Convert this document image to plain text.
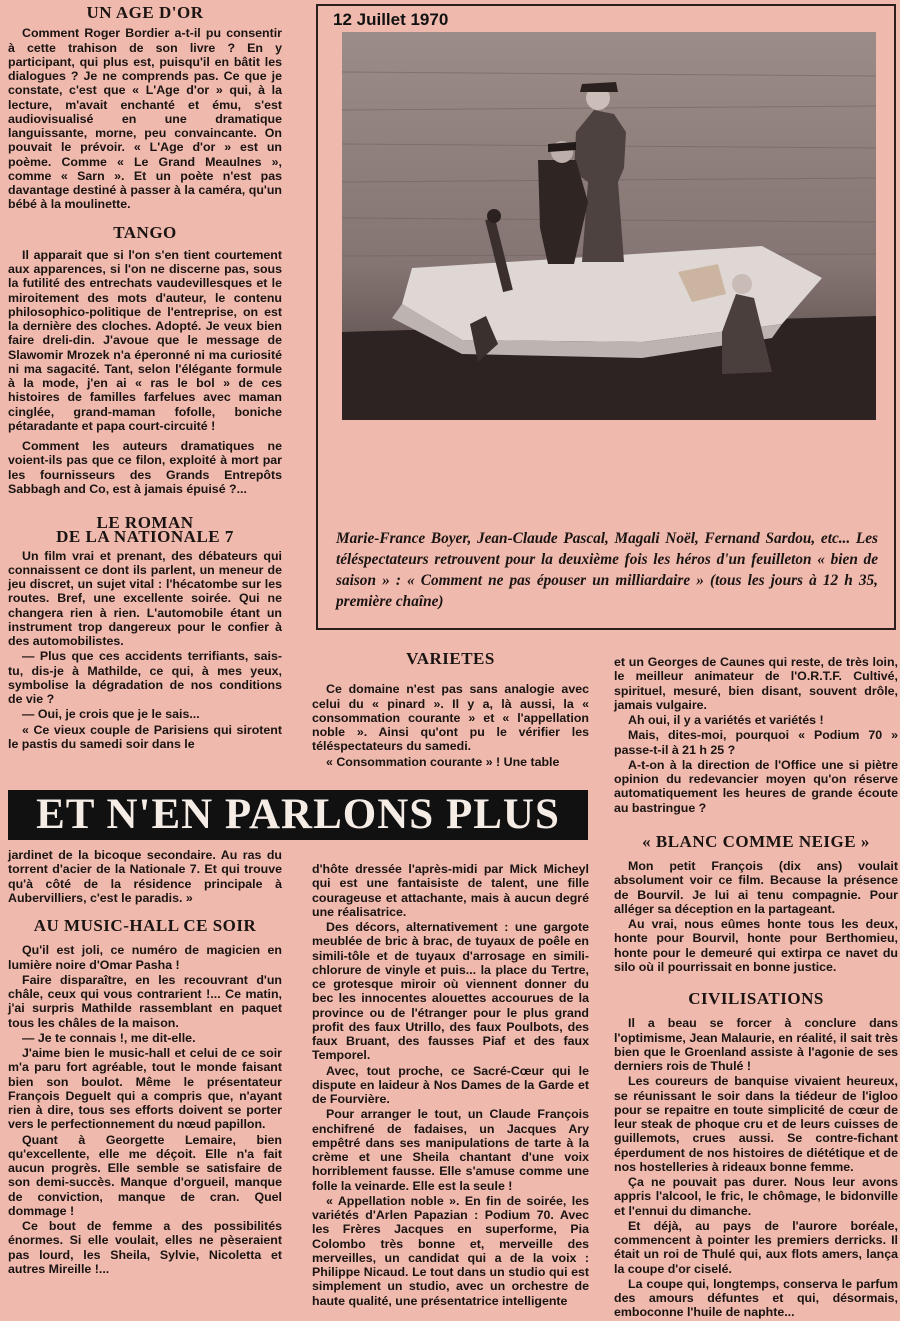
UN AGE D'OR

Comment Roger Bordier a-t-il pu consentir à cette trahison de son livre ? En y participant, qui plus est, puisqu'il en bâtit les dialogues ? Je ne comprends pas. Ce que je constate, c'est que « L'Age d'or » qui, à la lecture, m'avait enchanté et ému, s'est audiovisualisé en une dramatique languissante, morne, peu convaincante. On pouvait le prévoir. « L'Age d'or » est un poème. Comme « Le Grand Meaulnes », comme « Sarn ». Et un poète n'est pas davantage destiné à passer à la caméra, qu'un bébé à la moulinette.

TANGO

Il apparait que si l'on s'en tient courtement aux apparences, si l'on ne discerne pas, sous la futilité des entrechats vaudevillesques et le miroitement des mots d'auteur, le contenu philosophico-politique de l'entreprise, on est la dernière des cloches. Adopté. Je veux bien faire dreli-din. J'avoue que le message de Slawomir Mrozek n'a éperonné ni ma curiosité ni ma sagacité. Tant, selon l'élégante formule à la mode, j'en ai « ras le bol » de ces histoires de familles farfelues avec maman cinglée, grand-maman fofolle, boniche pétaradante et papa court-circuité !

Comment les auteurs dramatiques ne voient-ils pas que ce filon, exploité à mort par les fournisseurs des Grands Entrepôts Sabbagh and Co, est à jamais épuisé ?...

LE ROMAN
DE LA NATIONALE 7

Un film vrai et prenant, des débateurs qui connaissent ce dont ils parlent, un meneur de jeu discret, un sujet vital : l'hécatombe sur les routes. Bref, une excellente soirée. Qui ne changera rien à rien. L'automobile étant un instrument trop dangereux pour le confier à des automobilistes.

— Plus que ces accidents terrifiants, sais-tu, dis-je à Mathilde, ce qui, à mes yeux, symbolise la dégradation de nos conditions de vie ?

— Oui, je crois que je le sais...

« Ce vieux couple de Parisiens qui sirotent le pastis du samedi soir dans le

12 Juillet 1970
Marie-France Boyer, Jean-Claude Pascal, Magali Noël, Fernand Sardou, etc... Les téléspectateurs retrouvent pour la deuxième fois les héros d'un feuilleton « bien de saison » : « Comment ne pas épouser un milliardaire » (tous les jours à 12 h 35, première chaîne)
VARIETES

Ce domaine n'est pas sans analogie avec celui du « pinard ». Il y a, là aussi, la « consommation courante » et « l'appellation noble ». Ainsi qu'ont pu le vérifier les téléspectateurs du samedi.

« Consommation courante » ! Une table

et un Georges de Caunes qui reste, de très loin, le meilleur animateur de l'O.R.T.F. Cultivé, spirituel, mesuré, bien disant, souvent drôle, jamais vulgaire.

Ah oui, il y a variétés et variétés !

Mais, dites-moi, pourquoi « Podium 70 » passe-t-il à 21 h 25 ?

A-t-on à la direction de l'Office une si piètre opinion du redevancier moyen qu'on réserve automatiquement les heures de grande écoute au bastringue ?

« BLANC COMME NEIGE »

Mon petit François (dix ans) voulait absolument voir ce film. Because la présence de Bourvil. Je lui ai tenu compagnie. Pour alléger sa déception en la partageant.

Au vrai, nous eûmes honte tous les deux, honte pour Bourvil, honte pour Berthomieu, honte pour le demeuré qui extirpa ce navet du silo où il pourrissait en bonne justice.

CIVILISATIONS

Il a beau se forcer à conclure dans l'optimisme, Jean Malaurie, en réalité, il sait très bien que le Groenland assiste à l'agonie de ses derniers rois de Thulé !

Les coureurs de banquise vivaient heureux, se réunissant le soir dans la tiédeur de l'igloo pour se repaitre en toute simplicité de cœur de leur steak de phoque cru et de leurs cuisses de guillemots, crues aussi. Se contre-fichant éperdument de nos histoires de diététique et de nos hostelleries à rideaux bonne femme.

Ça ne pouvait pas durer. Nous leur avons appris l'alcool, le fric, le chômage, le bidonville et l'ennui du dimanche.

Et déjà, au pays de l'aurore boréale, commencent à pointer les premiers derricks. Il était un roi de Thulé qui, aux flots amers, lança la coupe d'or ciselé.

La coupe qui, longtemps, conserva le parfum des amours défuntes et qui, désormais, emboconne l'huile de naphte...

ET N'EN PARLONS PLUS

jardinet de la bicoque secondaire. Au ras du torrent d'acier de la Nationale 7. Et qui trouve qu'à côté de la résidence principale à Aubervilliers, c'est le paradis. »

AU MUSIC-HALL CE SOIR

Qu'il est joli, ce numéro de magicien en lumière noire d'Omar Pasha !

Faire disparaître, en les recouvrant d'un châle, ceux qui vous contrarient !... Ce matin, j'ai surpris Mathilde rassemblant en paquet tous les châles de la maison.

— Je te connais !, me dit-elle.

J'aime bien le music-hall et celui de ce soir m'a paru fort agréable, tout le monde faisant bien son boulot. Même le présentateur François Deguelt qui a compris que, n'ayant rien à dire, tous ses efforts doivent se porter vers le perfectionnement du nœud papillon.

Quant à Georgette Lemaire, bien qu'excellente, elle me déçoit. Elle n'a fait aucun progrès. Elle semble se satisfaire de son demi-succès. Manque d'orgueil, manque de conviction, manque de cran. Quel dommage !

Ce bout de femme a des possibilités énormes. Si elle voulait, elles ne pèseraient pas lourd, les Sheila, Sylvie, Nicoletta et autres Mireille !...

d'hôte dressée l'après-midi par Mick Micheyl qui est une fantaisiste de talent, une fille courageuse et attachante, mais à aucun degré une réalisatrice.

Des décors, alternativement : une gargote meublée de bric à brac, de tuyaux de poêle en simili-tôle et de tuyaux d'arrosage en simili-chlorure de vinyle et puis... la place du Tertre, ce grotesque miroir où viennent donner du bec les innocentes alouettes accourues de la province ou de l'étranger pour le plus grand profit des faux Utrillo, des faux Poulbots, des faux Bruant, des fausses Piaf et des faux Temporel.

Avec, tout proche, ce Sacré-Cœur qui le dispute en laideur à Nos Dames de la Garde et de Fourvière.

Pour arranger le tout, un Claude François enchifrené de fadaises, un Jacques Ary empêtré dans ses manipulations de tarte à la crème et une Sheila chantant d'une voix horriblement fausse. Elle s'amuse comme une folle la veinarde. Elle est la seule !

« Appellation noble ». En fin de soirée, les variétés d'Arlen Papazian : Podium 70. Avec les Frères Jacques en superforme, Pia Colombo très bonne et, merveille des merveilles, un candidat qui a de la voix : Philippe Nicaud. Le tout dans un studio qui est simplement un studio, avec un orchestre de haute qualité, une présentatrice intelligente
